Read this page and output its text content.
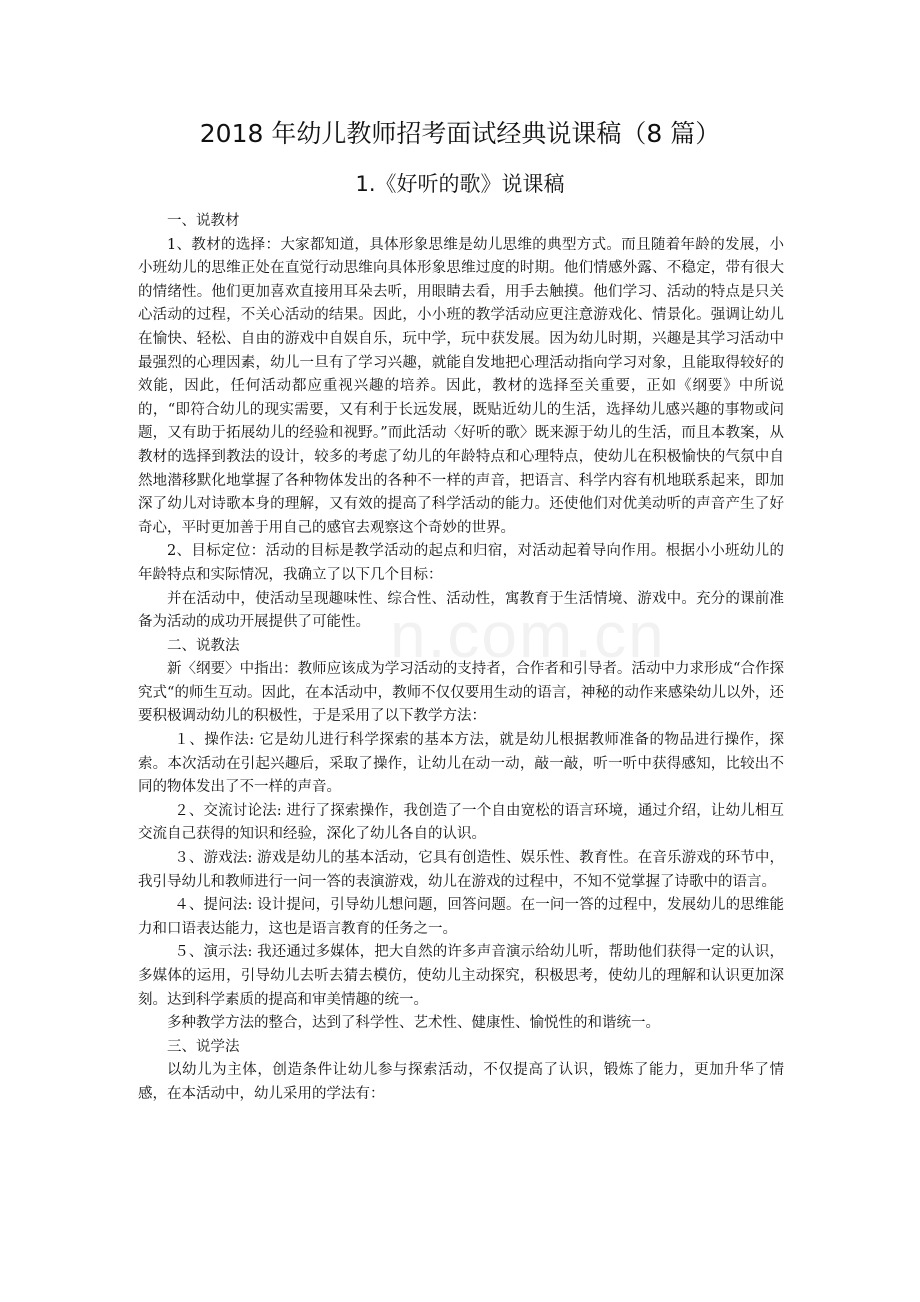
n.com.cn
2018 年幼儿教师招考面试经典说课稿（8 篇）
1.《好听的歌》说课稿

一、说教材

1、教材的选择：大家都知道，具体形象思维是幼儿思维的典型方式。而且随着年龄的发展，小小班幼儿的思维正处在直觉行动思维向具体形象思维过度的时期。他们情感外露、不稳定，带有很大的情绪性。他们更加喜欢直接用耳朵去听，用眼睛去看，用手去触摸。他们学习、活动的特点是只关心活动的过程，不关心活动的结果。因此，小小班的教学活动应更注意游戏化、情景化。强调让幼儿在愉快、轻松、自由的游戏中自娱自乐，玩中学，玩中获发展。因为幼儿时期，兴趣是其学习活动中最强烈的心理因素，幼儿一旦有了学习兴趣，就能自发地把心理活动指向学习对象，且能取得较好的效能，因此，任何活动都应重视兴趣的培养。因此，教材的选择至关重要，正如《纲要》中所说的，“即符合幼儿的现实需要，又有利于长远发展，既贴近幼儿的生活，选择幼儿感兴趣的事物或问题，又有助于拓展幼儿的经验和视野。”而此活动〈好听的歌〉既来源于幼儿的生活，而且本教案，从教材的选择到教法的设计，较多的考虑了幼儿的年龄特点和心理特点，使幼儿在积极愉快的气氛中自然地潜移默化地掌握了各种物体发出的各种不一样的声音，把语言、科学内容有机地联系起来，即加深了幼儿对诗歌本身的理解，又有效的提高了科学活动的能力。还使他们对优美动听的声音产生了好奇心，平时更加善于用自己的感官去观察这个奇妙的世界。

2、目标定位：活动的目标是教学活动的起点和归宿，对活动起着导向作用。根据小小班幼儿的年龄特点和实际情况，我确立了以下几个目标：

并在活动中，使活动呈现趣味性、综合性、活动性，寓教育于生活情境、游戏中。充分的课前准备为活动的成功开展提供了可能性。

二、说教法

新〈纲要〉中指出：教师应该成为学习活动的支持者，合作者和引导者。活动中力求形成“合作探究式“的师生互动。因此，在本活动中，教师不仅仅要用生动的语言，神秘的动作来感染幼儿以外，还要积极调动幼儿的积极性，于是采用了以下教学方法：

１、操作法: 它是幼儿进行科学探索的基本方法，就是幼儿根据教师准备的物品进行操作，探索。本次活动在引起兴趣后，采取了操作，让幼儿在动一动，敲一敲，听一听中获得感知，比较出不同的物体发出了不一样的声音。

２、交流讨论法: 进行了探索操作，我创造了一个自由宽松的语言环境，通过介绍，让幼儿相互交流自己获得的知识和经验，深化了幼儿各自的认识。

３、游戏法: 游戏是幼儿的基本活动，它具有创造性、娱乐性、教育性。在音乐游戏的环节中，我引导幼儿和教师进行一问一答的表演游戏，幼儿在游戏的过程中，不知不觉掌握了诗歌中的语言。

４、提问法: 设计提问，引导幼儿想问题，回答问题。在一问一答的过程中，发展幼儿的思维能力和口语表达能力，这也是语言教育的任务之一。

５、演示法: 我还通过多媒体，把大自然的许多声音演示给幼儿听，帮助他们获得一定的认识，多媒体的运用，引导幼儿去听去猜去模仿，使幼儿主动探究，积极思考，使幼儿的理解和认识更加深刻。达到科学素质的提高和审美情趣的统一。

多种教学方法的整合，达到了科学性、艺术性、健康性、愉悦性的和谐统一。

三、说学法

以幼儿为主体，创造条件让幼儿参与探索活动，不仅提高了认识，锻炼了能力，更加升华了情感，在本活动中，幼儿采用的学法有：
